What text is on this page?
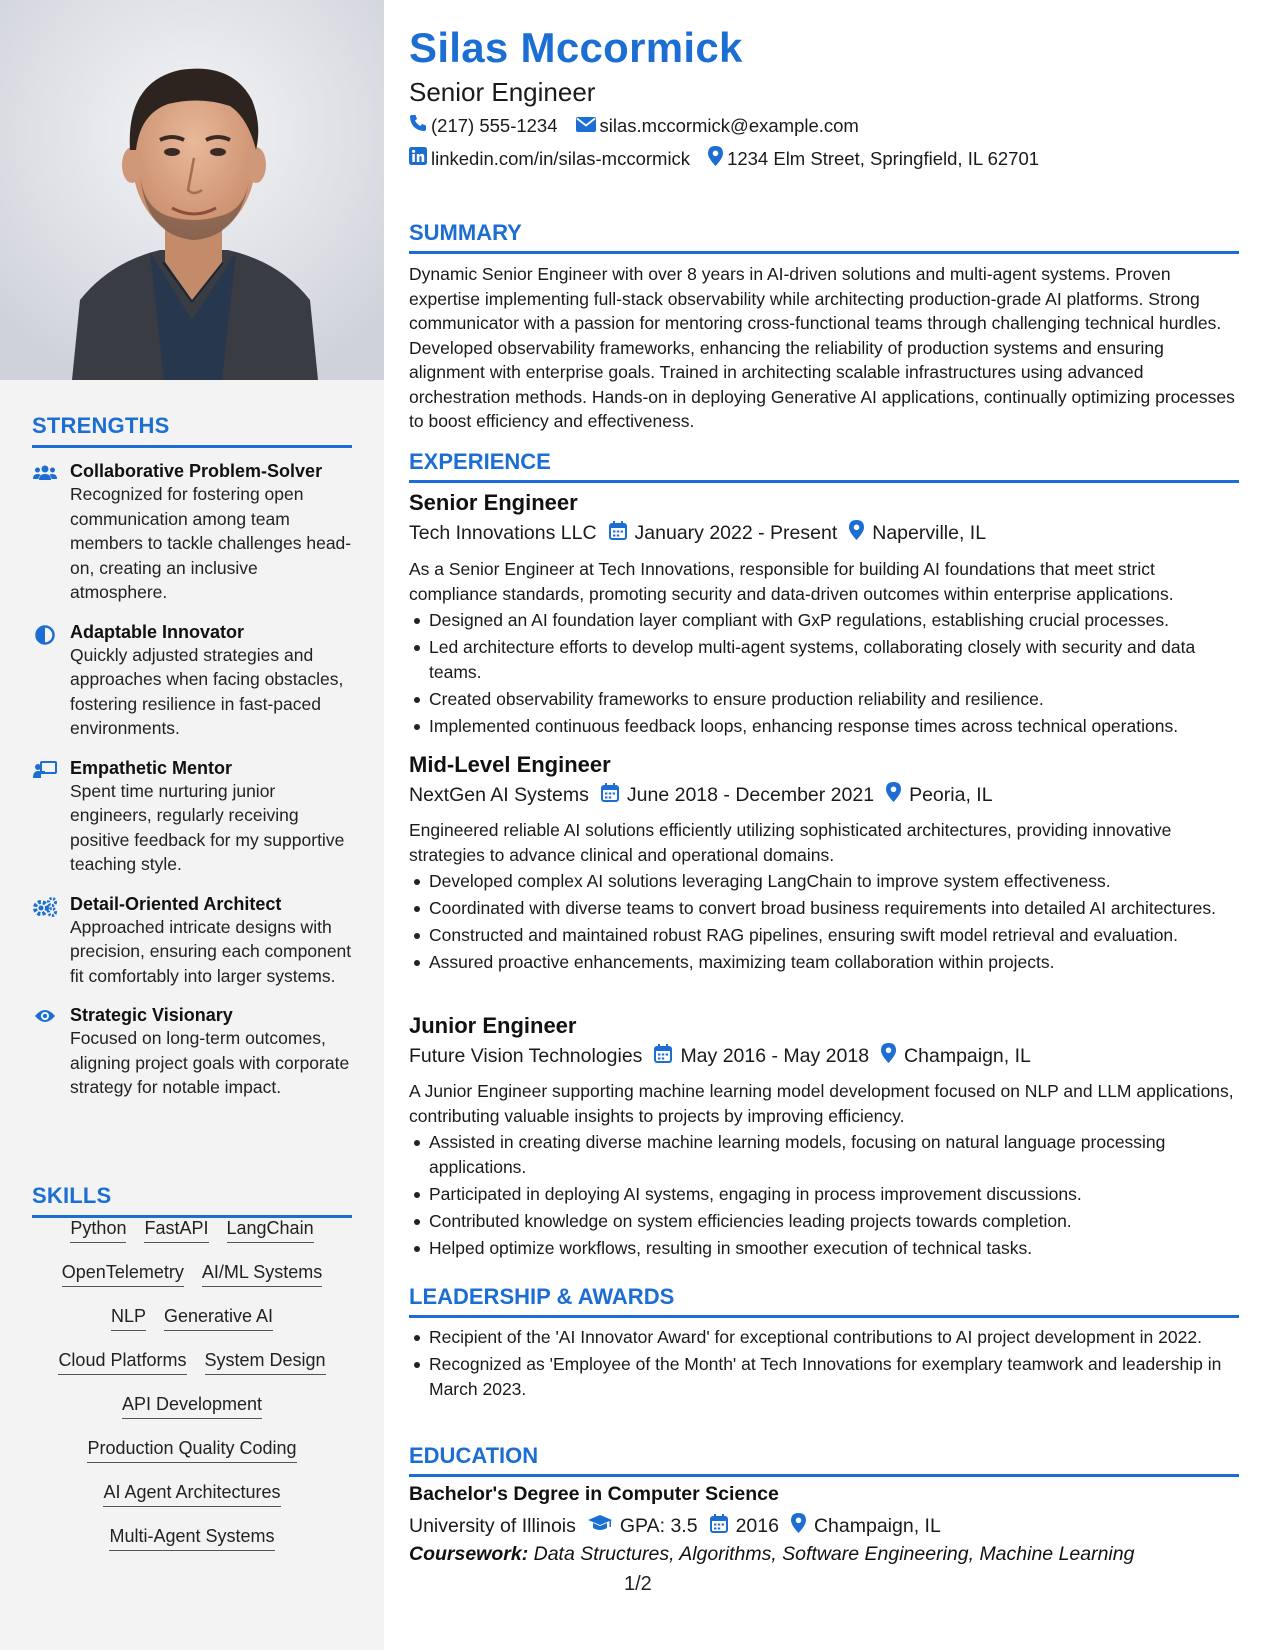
STRENGTHS
Collaborative Problem-Solver
Recognized for fostering open communication among team members to tackle challenges head-on, creating an inclusive atmosphere.
Adaptable Innovator
Quickly adjusted strategies and approaches when facing obstacles, fostering resilience in fast-paced environments.
Empathetic Mentor
Spent time nurturing junior engineers, regularly receiving positive feedback for my supportive teaching style.
Detail-Oriented Architect
Approached intricate designs with precision, ensuring each component fit comfortably into larger systems.
Strategic Visionary
Focused on long-term outcomes, aligning project goals with corporate strategy for notable impact.
SKILLS
Python FastAPI LangChain
OpenTelemetry AI/ML Systems
NLP Generative AI
Cloud Platforms System Design
API Development
Production Quality Coding
AI Agent Architectures
Multi-Agent Systems
Silas Mccormick
Senior Engineer
(217) 555-1234 silas.mccormick@example.com
linkedin.com/in/silas-mccormick 1234 Elm Street, Springfield, IL 62701
SUMMARY
Dynamic Senior Engineer with over 8 years in AI-driven solutions and multi-agent systems. Proven expertise implementing full-stack observability while architecting production-grade AI platforms. Strong communicator with a passion for mentoring cross-functional teams through challenging technical hurdles. Developed observability frameworks, enhancing the reliability of production systems and ensuring alignment with enterprise goals. Trained in architecting scalable infrastructures using advanced orchestration methods. Hands-on in deploying Generative AI applications, continually optimizing processes to boost efficiency and effectiveness.
EXPERIENCE
Senior Engineer
Tech Innovations LLC January 2022 - Present Naperville, IL
As a Senior Engineer at Tech Innovations, responsible for building AI foundations that meet strict compliance standards, promoting security and data-driven outcomes within enterprise applications.
Designed an AI foundation layer compliant with GxP regulations, establishing crucial processes.
Led architecture efforts to develop multi-agent systems, collaborating closely with security and data teams.
Created observability frameworks to ensure production reliability and resilience.
Implemented continuous feedback loops, enhancing response times across technical operations.
Mid-Level Engineer
NextGen AI Systems June 2018 - December 2021 Peoria, IL
Engineered reliable AI solutions efficiently utilizing sophisticated architectures, providing innovative strategies to advance clinical and operational domains.
Developed complex AI solutions leveraging LangChain to improve system effectiveness.
Coordinated with diverse teams to convert broad business requirements into detailed AI architectures.
Constructed and maintained robust RAG pipelines, ensuring swift model retrieval and evaluation.
Assured proactive enhancements, maximizing team collaboration within projects.
Junior Engineer
Future Vision Technologies May 2016 - May 2018 Champaign, IL
A Junior Engineer supporting machine learning model development focused on NLP and LLM applications, contributing valuable insights to projects by improving efficiency.
Assisted in creating diverse machine learning models, focusing on natural language processing applications.
Participated in deploying AI systems, engaging in process improvement discussions.
Contributed knowledge on system efficiencies leading projects towards completion.
Helped optimize workflows, resulting in smoother execution of technical tasks.
LEADERSHIP & AWARDS
Recipient of the 'AI Innovator Award' for exceptional contributions to AI project development in 2022.
Recognized as 'Employee of the Month' at Tech Innovations for exemplary teamwork and leadership in March 2023.
EDUCATION
Bachelor's Degree in Computer Science
University of Illinois GPA: 3.5 2016 Champaign, IL
Coursework: Data Structures, Algorithms, Software Engineering, Machine Learning
1/2
